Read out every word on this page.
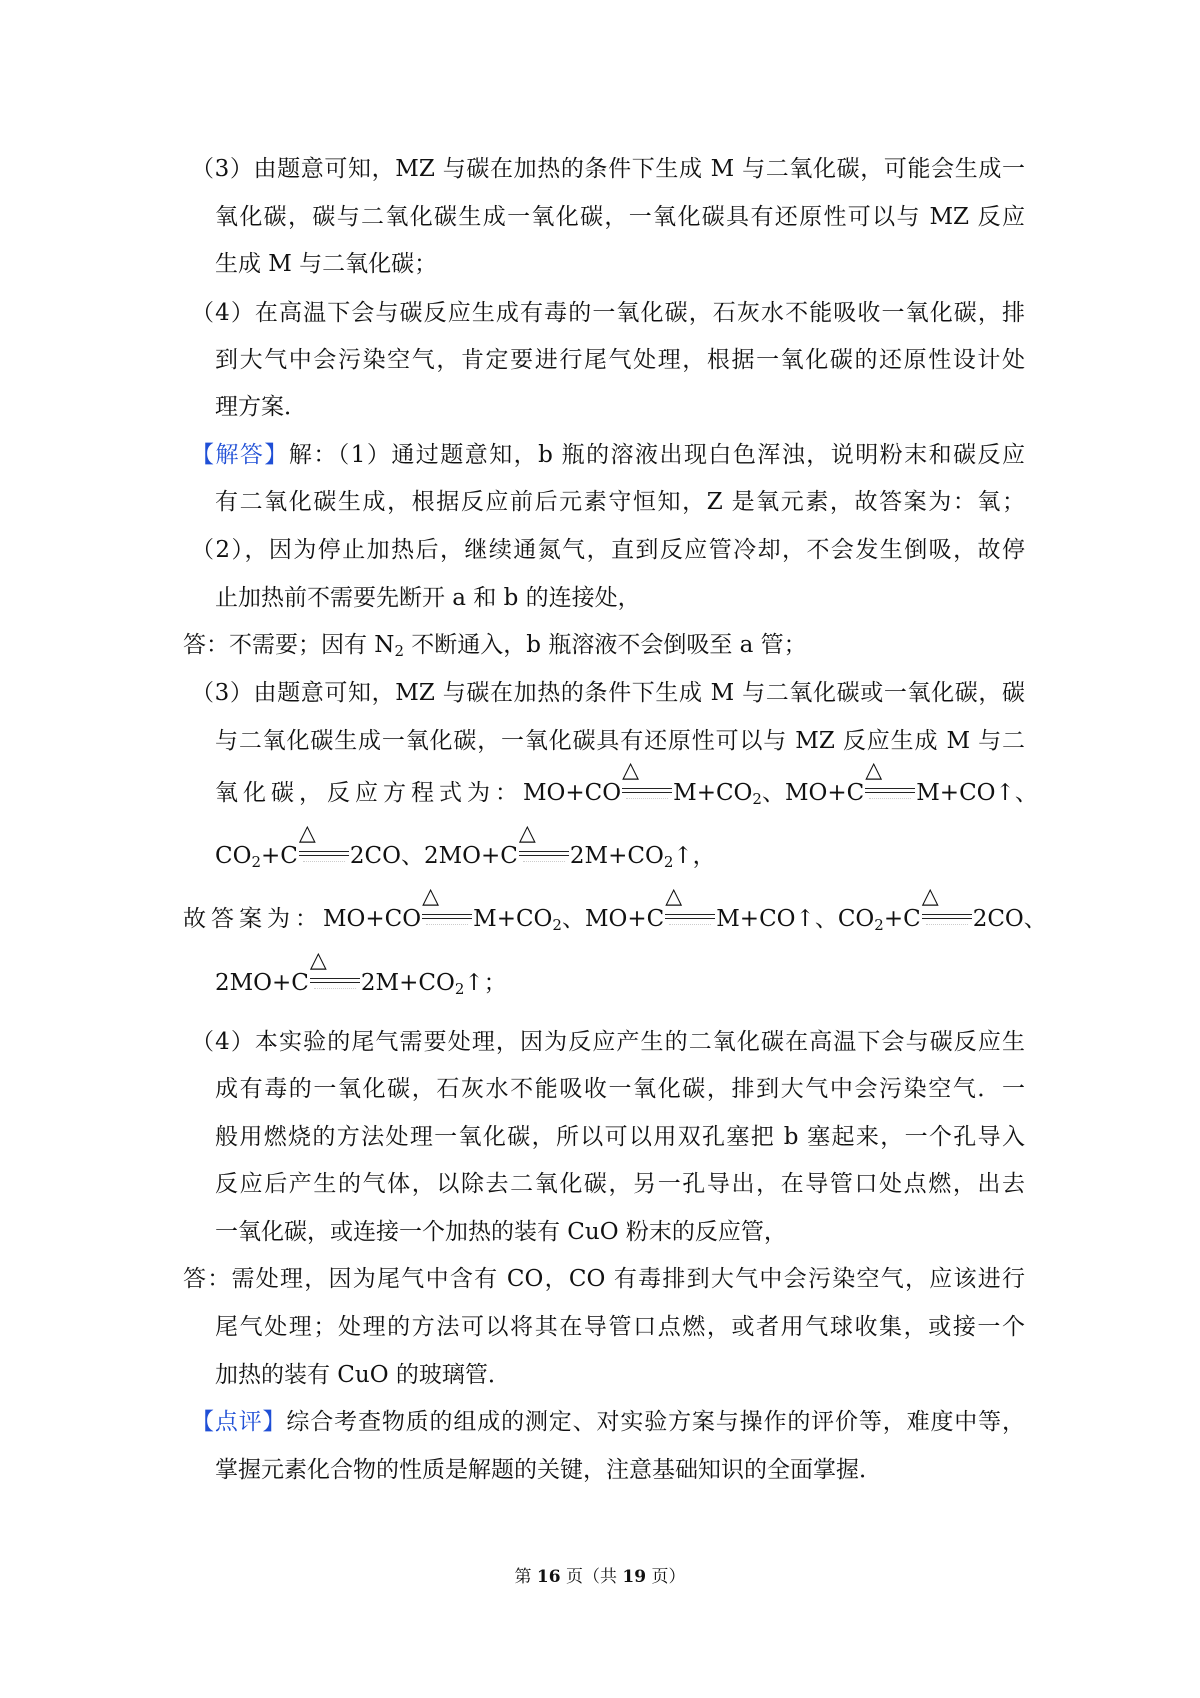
（3）由题意可知，MZ 与碳在加热的条件下生成 M 与二氧化碳，可能会生成一
氧化碳，碳与二氧化碳生成一氧化碳，一氧化碳具有还原性可以与 MZ 反应
生成 M 与二氧化碳；
（4）在高温下会与碳反应生成有毒的一氧化碳，石灰水不能吸收一氧化碳，排
到大气中会污染空气，肯定要进行尾气处理，根据一氧化碳的还原性设计处
理方案．
【解答】解：（1）通过题意知，b 瓶的溶液出现白色浑浊，说明粉末和碳反应
有二氧化碳生成，根据反应前后元素守恒知，Z 是氧元素，故答案为：氧；
（2），因为停止加热后，继续通氮气，直到反应管冷却，不会发生倒吸，故停
止加热前不需要先断开 a 和 b 的连接处，
答：不需要；因有 $N_2$ 不断通入，b 瓶溶液不会倒吸至 a 管；
（3）由题意可知，MZ 与碳在加热的条件下生成 M 与二氧化碳或一氧化碳，碳
与二氧化碳生成一氧化碳，一氧化碳具有还原性可以与 MZ 反应生成 M 与二
氧化碳，反应方程式为： MO+CO
△
$M+CO_2$ 、 MO+C
△
M+CO↑ 、
$CO_2+C$
△
2CO、2MO+C
△
$2M+CO_2↑$，
故答案为： MO+CO
△
$M+CO_2$ 、 MO+C
△
M+CO↑ 、 $CO_2+C$
△
2CO 、
2MO+C
△
$2M+CO_2↑$；
（4）本实验的尾气需要处理，因为反应产生的二氧化碳在高温下会与碳反应生
成有毒的一氧化碳，石灰水不能吸收一氧化碳，排到大气中会污染空气．一
般用燃烧的方法处理一氧化碳，所以可以用双孔塞把 b 塞起来，一个孔导入
反应后产生的气体，以除去二氧化碳，另一孔导出，在导管口处点燃，出去
一氧化碳，或连接一个加热的装有 CuO 粉末的反应管，
答：需处理，因为尾气中含有 CO，CO 有毒排到大气中会污染空气，应该进行
尾气处理；处理的方法可以将其在导管口点燃，或者用气球收集，或接一个
加热的装有 CuO 的玻璃管．
【点评】综合考查物质的组成的测定、对实验方案与操作的评价等，难度中等，
掌握元素化合物的性质是解题的关键，注意基础知识的全面掌握．
第 16 页（共 19 页）
